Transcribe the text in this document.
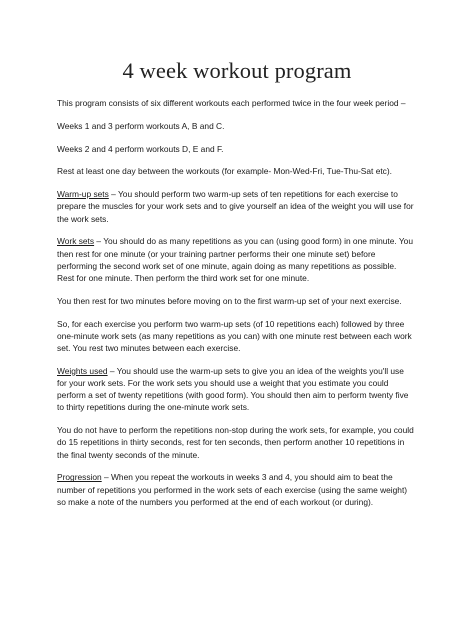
4 week workout program

This program consists of six different workouts each performed twice in the four week period –

Weeks 1 and 3 perform workouts A, B and C.

Weeks 2 and 4 perform workouts D, E and F.

Rest at least one day between the workouts (for example- Mon-Wed-Fri, Tue-Thu-Sat etc).

Warm-up sets – You should perform two warm-up sets of ten repetitions for each exercise to prepare the muscles for your work sets and to give yourself an idea of the weight you will use for the work sets.

Work sets – You should do as many repetitions as you can (using good form) in one minute. You then rest for one minute (or your training partner performs their one minute set) before performing the second work set of one minute, again doing as many repetitions as possible. Rest for one minute. Then perform the third work set for one minute.

You then rest for two minutes before moving on to the first warm-up set of your next exercise.

So, for each exercise you perform two warm-up sets (of 10 repetitions each) followed by three one-minute work sets (as many repetitions as you can) with one minute rest between each work set. You rest two minutes between each exercise.

Weights used – You should use the warm-up sets to give you an idea of the weights you'll use for your work sets. For the work sets you should use a weight that you estimate you could perform a set of twenty repetitions (with good form). You should then aim to perform twenty five to thirty repetitions during the one-minute work sets.

You do not have to perform the repetitions non-stop during the work sets, for example, you could do 15 repetitions in thirty seconds, rest for ten seconds, then perform another 10 repetitions in the final twenty seconds of the minute.

Progression – When you repeat the workouts in weeks 3 and 4, you should aim to beat the number of repetitions you performed in the work sets of each exercise (using the same weight) so make a note of the numbers you performed at the end of each workout (or during).
